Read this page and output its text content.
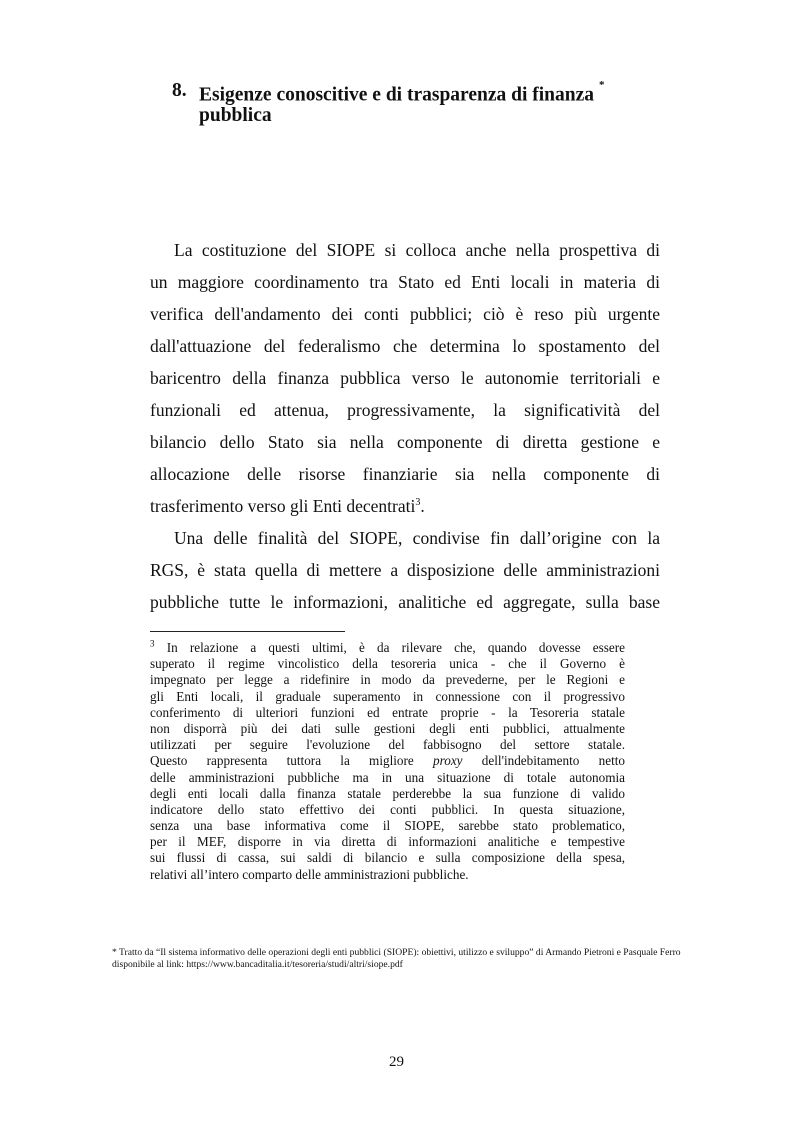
8. Esigenze conoscitive e di trasparenza di finanza *
pubblica
La costituzione del SIOPE si colloca anche nella prospettiva di
un maggiore coordinamento tra Stato ed Enti locali in materia di
verifica dell'andamento dei conti pubblici; ciò è reso più urgente
dall'attuazione del federalismo che determina lo spostamento del
baricentro della finanza pubblica verso le autonomie territoriali e
funzionali ed attenua, progressivamente, la significatività del
bilancio dello Stato sia nella componente di diretta gestione e
allocazione delle risorse finanziarie sia nella componente di
trasferimento verso gli Enti decentrati$^3$.
Una delle finalità del SIOPE, condivise fin dall’origine con la
RGS, è stata quella di mettere a disposizione delle amministrazioni
pubbliche tutte le informazioni, analitiche ed aggregate, sulla base
$^3$ In relazione a questi ultimi, è da rilevare che, quando dovesse essere
superato il regime vincolistico della tesoreria unica - che il Governo è
impegnato per legge a ridefinire in modo da prevederne, per le Regioni e
gli Enti locali, il graduale superamento in connessione con il progressivo
conferimento di ulteriori funzioni ed entrate proprie - la Tesoreria statale
non disporrà più dei dati sulle gestioni degli enti pubblici, attualmente
utilizzati per seguire l'evoluzione del fabbisogno del settore statale.
Questo rappresenta tuttora la migliore proxy dell'indebitamento netto
delle amministrazioni pubbliche ma in una situazione di totale autonomia
degli enti locali dalla finanza statale perderebbe la sua funzione di valido
indicatore dello stato effettivo dei conti pubblici. In questa situazione,
senza una base informativa come il SIOPE, sarebbe stato problematico,
per il MEF, disporre in via diretta di informazioni analitiche e tempestive
sui flussi di cassa, sui saldi di bilancio e sulla composizione della spesa,
relativi all’intero comparto delle amministrazioni pubbliche.
* Tratto da “Il sistema informativo delle operazioni degli enti pubblici (SIOPE): obiettivi, utilizzo e sviluppo” di Armando Pietroni e Pasquale Ferro
disponibile al link: https://www.bancaditalia.it/tesoreria/studi/altri/siope.pdf
29
